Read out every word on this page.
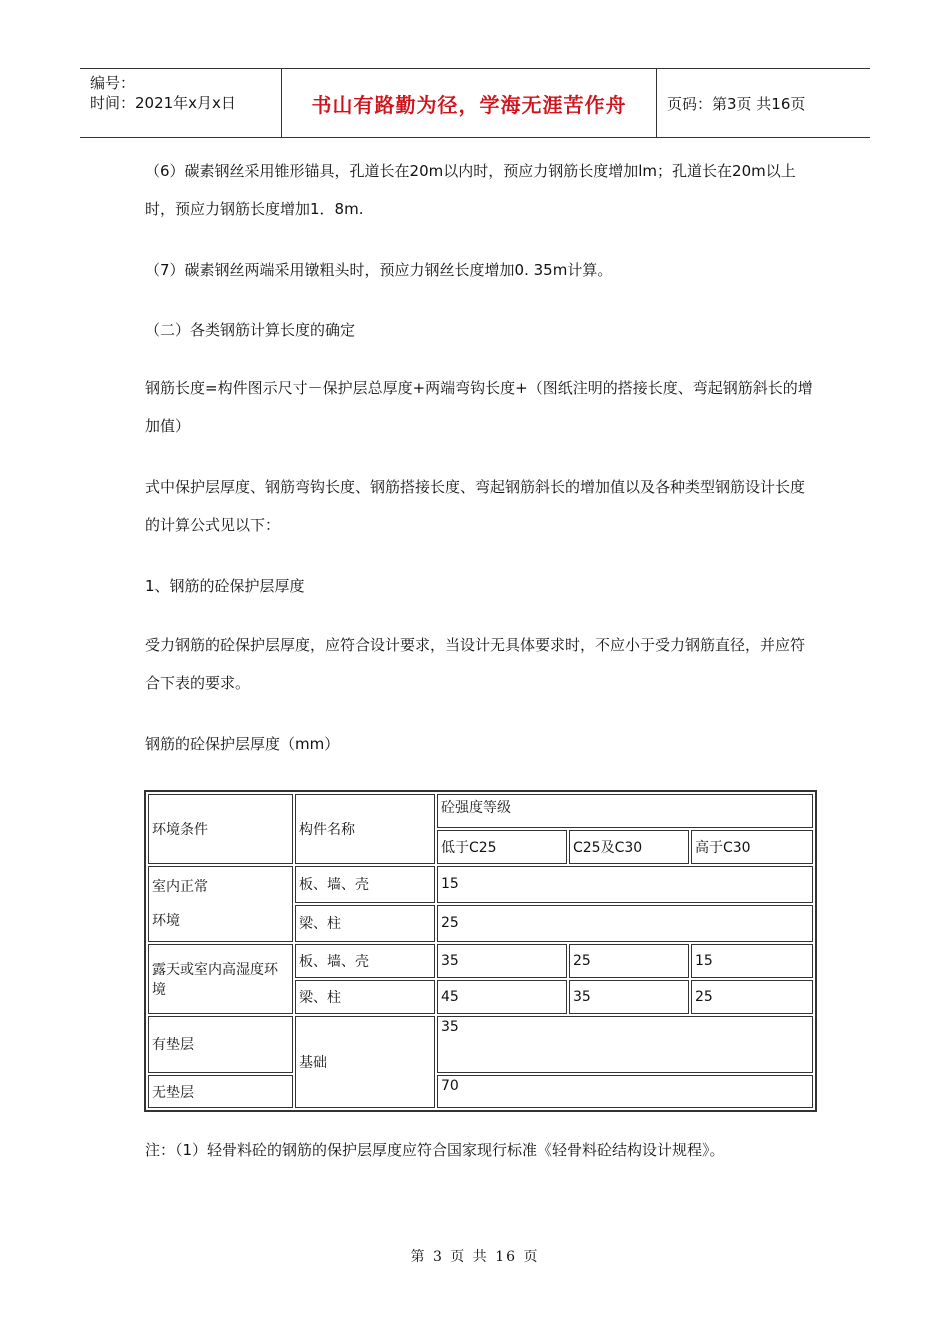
编号：
时间：2021年x月x日	书山有路勤为径，学海无涯苦作舟	页码：第3页 共16页
（6）碳素钢丝采用锥形锚具，孔道长在20m以内时，预应力钢筋长度增加lm；孔道长在20m以上时，预应力钢筋长度增加1．8m.
（7）碳素钢丝两端采用镦粗头时，预应力钢丝长度增加0. 35m计算。
（二）各类钢筋计算长度的确定
钢筋长度=构件图示尺寸－保护层总厚度+两端弯钩长度+（图纸注明的搭接长度、弯起钢筋斜长的增加值）
式中保护层厚度、钢筋弯钩长度、钢筋搭接长度、弯起钢筋斜长的增加值以及各种类型钢筋设计长度的计算公式见以下：
1、钢筋的砼保护层厚度
受力钢筋的砼保护层厚度，应符合设计要求，当设计无具体要求时，不应小于受力钢筋直径，并应符合下表的要求。
钢筋的砼保护层厚度（mm）
环境条件	构件名称	砼强度等级		
		低于C25	C25及C30	高于C30

室内正常
环境	板、墙、壳	15		
	梁、柱	25		
露天或室内高湿度环境	板、墙、壳	35	25	15
	梁、柱	45	35	25
有垫层	基础	35		
无垫层		70		
注：（1）轻骨料砼的钢筋的保护层厚度应符合国家现行标准《轻骨料砼结构设计规程》。
第 3 页 共 16 页
